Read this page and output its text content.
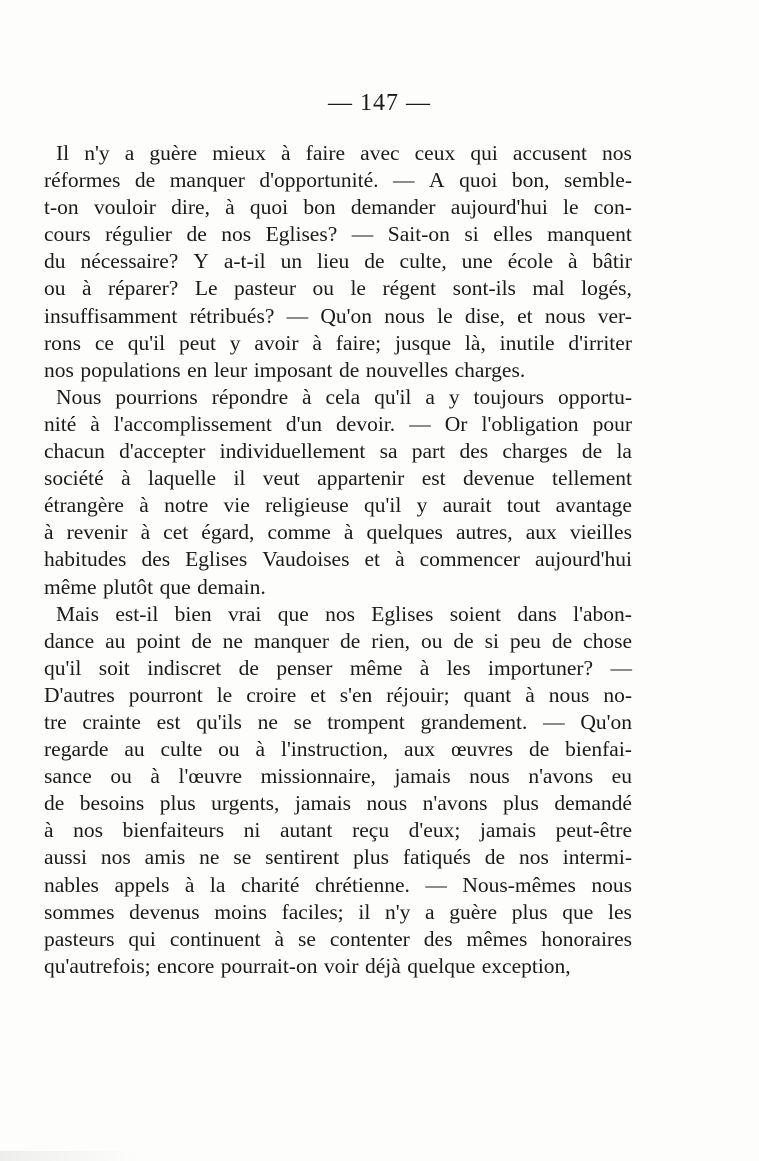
— 147 —
Il n'y a guère mieux à faire avec ceux qui accusent nos
réformes de manquer d'opportunité. — A quoi bon, semble-
t-on vouloir dire, à quoi bon demander aujourd'hui le con-
cours régulier de nos Eglises? — Sait-on si elles manquent
du nécessaire? Y a-t-il un lieu de culte, une école à bâtir
ou à réparer? Le pasteur ou le régent sont-ils mal logés,
insuffisamment rétribués? — Qu'on nous le dise, et nous ver-
rons ce qu'il peut y avoir à faire; jusque là, inutile d'irriter
nos populations en leur imposant de nouvelles charges.
Nous pourrions répondre à cela qu'il a y toujours opportu-
nité à l'accomplissement d'un devoir. — Or l'obligation pour
chacun d'accepter individuellement sa part des charges de la
société à laquelle il veut appartenir est devenue tellement
étrangère à notre vie religieuse qu'il y aurait tout avantage
à revenir à cet égard, comme à quelques autres, aux vieilles
habitudes des Eglises Vaudoises et à commencer aujourd'hui
même plutôt que demain.
Mais est-il bien vrai que nos Eglises soient dans l'abon-
dance au point de ne manquer de rien, ou de si peu de chose
qu'il soit indiscret de penser même à les importuner? —
D'autres pourront le croire et s'en réjouir; quant à nous no-
tre crainte est qu'ils ne se trompent grandement. — Qu'on
regarde au culte ou à l'instruction, aux œuvres de bienfai-
sance ou à l'œuvre missionnaire, jamais nous n'avons eu
de besoins plus urgents, jamais nous n'avons plus demandé
à nos bienfaiteurs ni autant reçu d'eux; jamais peut-être
aussi nos amis ne se sentirent plus fatiqués de nos intermi-
nables appels à la charité chrétienne. — Nous-mêmes nous
sommes devenus moins faciles; il n'y a guère plus que les
pasteurs qui continuent à se contenter des mêmes honoraires
qu'autrefois; encore pourrait-on voir déjà quelque exception,
